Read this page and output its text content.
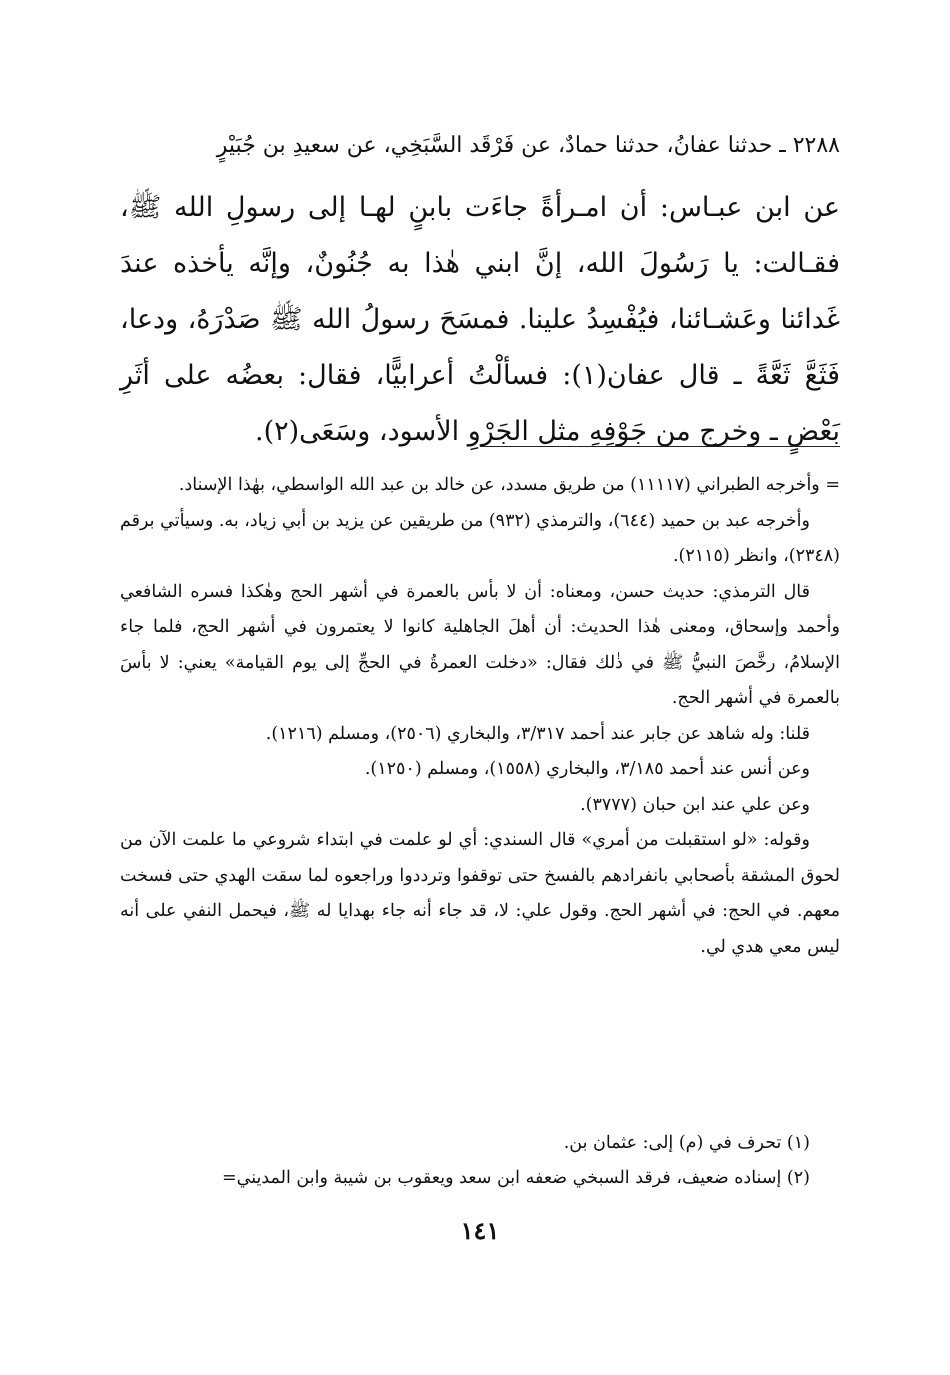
٢٢٨٨ ـ حدثنا عفانُ، حدثنا حمادٌ، عن فَرْقَد السَّبَخِي، عن سعيدِ بن جُبَيْرٍ
عن ابن عبـاس: أن امـرأةً جاءَت بابنٍ لهـا إلى رسولِ الله ﷺ، فقـالت: يا رَسُولَ الله، إنَّ ابني هٰذا به جُنُونٌ، وإنَّه يأخذه عندَ غَدائنا وعَشـائنا، فيُفْسِدُ علينا. فمسَحَ رسولُ الله ﷺ صَدْرَهُ، ودعا، فَثَعَّ ثَعَّةً ـ قال عفان(١): فسألْتُ أعرابيًّا، فقال: بعضُه على أثَرِ بَعْضٍ ـ وخرج من جَوْفِهِ مثل الجَرْوِ الأسود، وسَعَى(٢).

= وأخرجه الطبراني (١١١١٧) من طريق مسدد، عن خالد بن عبد الله الواسطي، بهٰذا الإسناد.

وأخرجه عبد بن حميد (٦٤٤)، والترمذي (٩٣٢) من طريقين عن يزيد بن أبي زياد، به. وسيأتي برقم (٢٣٤٨)، وانظر (٢١١٥).

قال الترمذي: حديث حسن، ومعناه: أن لا بأس بالعمرة في أشهر الحج وهٰكذا فسره الشافعي وأحمد وإسحاق، ومعنى هٰذا الحديث: أن أهلَ الجاهلية كانوا لا يعتمرون في أشهر الحج، فلما جاء الإسلامُ، رخَّصَ النبيُّ ﷺ في ذٰلك فقال: «دخلت العمرةُ في الحجِّ إلى يوم القيامة» يعني: لا بأسَ بالعمرة في أشهر الحج.

قلنا: وله شاهد عن جابر عند أحمد ٣/٣١٧، والبخاري (٢٥٠٦)، ومسلم (١٢١٦).

وعن أنس عند أحمد ٣/١٨٥، والبخاري (١٥٥٨)، ومسلم (١٢٥٠).

وعن علي عند ابن حبان (٣٧٧٧).

وقوله: «لو استقبلت من أمري» قال السندي: أي لو علمت في ابتداء شروعي ما علمت الآن من لحوق المشقة بأصحابي بانفرادهم بالفسخ حتى توقفوا وترددوا وراجعوه لما سقت الهدي حتى فسخت معهم. في الحج: في أشهر الحج. وقول علي: لا، قد جاء أنه جاء بهدايا له ﷺ، فيحمل النفي على أنه ليس معي هدي لي.

(١) تحرف في (م) إلى: عثمان بن.

(٢) إسناده ضعيف، فرقد السبخي ضعفه ابن سعد ويعقوب بن شيبة وابن المديني=

١٤١
